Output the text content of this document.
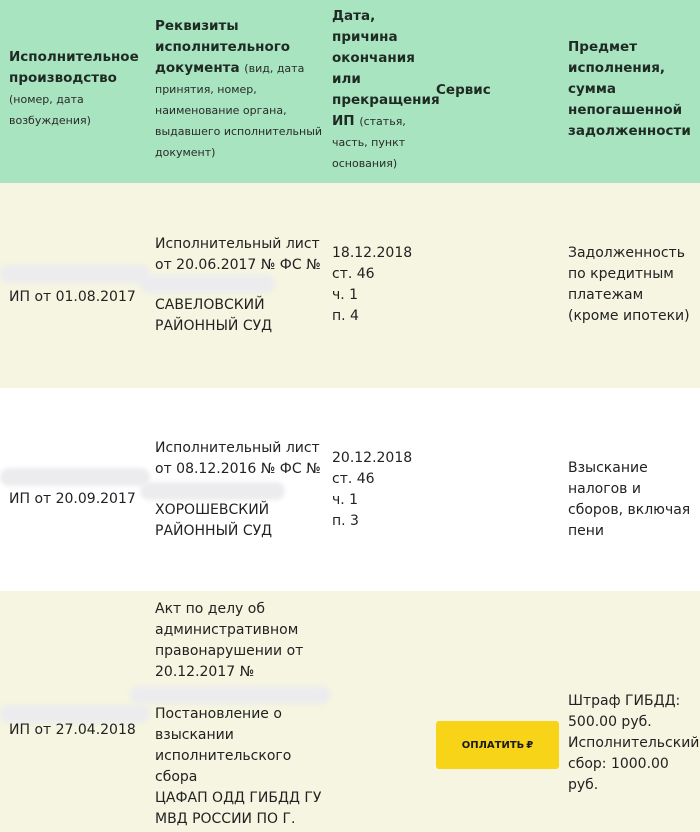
Исполнительное производство
(номер, дата возбуждения)
Реквизиты исполнительного документа (вид, дата принятия, номер, наименование органа, выдавшего исполнительный документ)
Дата, причина окончания или прекращения ИП (статья, часть, пункт основания)
Сервис
Предмет исполнения, сумма непогашенной задолженности
ИП от 01.08.2017
Исполнительный лист
от 20.06.2017 № ФС №
САВЕЛОВСКИЙ
РАЙОННЫЙ СУД
18.12.2018
ст. 46
ч. 1
п. 4
Задолженность по кредитным платежам (кроме ипотеки)
ИП от 20.09.2017
Исполнительный лист
от 08.12.2016 № ФС №
ХОРОШЕВСКИЙ
РАЙОННЫЙ СУД
20.12.2018
ст. 46
ч. 1
п. 3
Взыскание налогов и сборов, включая пени
ИП от 27.04.2018
Акт по делу об
административном
правонарушении от
20.12.2017 №
Постановление о
взыскании
исполнительского
сбора
ЦАФАП ОДД ГИБДД ГУ
МВД РОССИИ ПО Г.
Штраф ГИБДД:
500.00 руб.
Исполнительский
сбор: 1000.00
руб.
ОПЛАТИТЬ ₽
